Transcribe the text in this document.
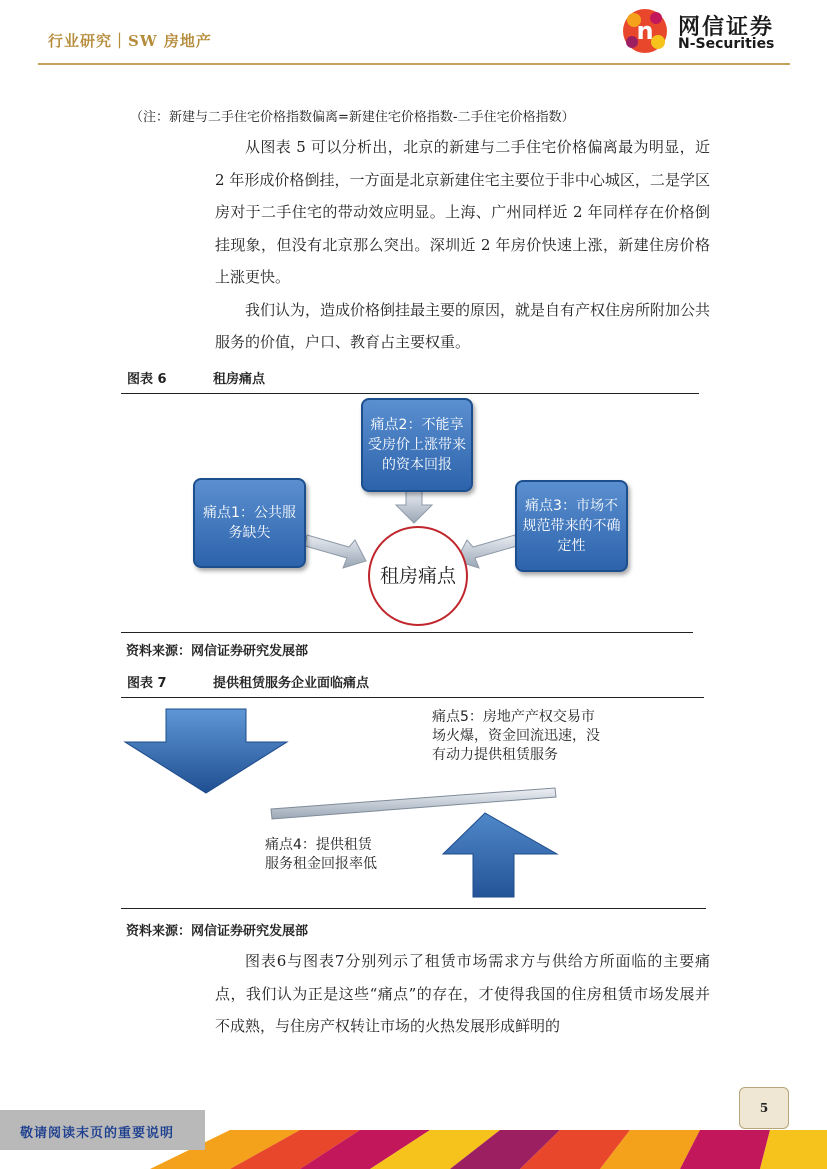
行业研究｜SW 房地产	n 网信证券
N-Securities
（注：新建与二手住宅价格指数偏离=新建住宅价格指数-二手住宅价格指数）

从图表 5 可以分析出，北京的新建与二手住宅价格偏离最为明显，近 2 年形成价格倒挂，一方面是北京新建住宅主要位于非中心城区，二是学区房对于二手住宅的带动效应明显。上海、广州同样近 2 年同样存在价格倒挂现象，但没有北京那么突出。深圳近 2 年房价快速上涨，新建住房价格上涨更快。

我们认为，造成价格倒挂最主要的原因，就是自有产权住房所附加公共服务的价值，户口、教育占主要权重。

图表 6	租房痛点
痛点2：不能享受房价上涨带来的资本回报
痛点1：公共服务缺失
痛点3：市场不规范带来的不确定性
租房痛点
资料来源：网信证券研究发展部
图表 7	提供租赁服务企业面临痛点
痛点5：房地产产权交易市场火爆，资金回流迅速，没有动力提供租赁服务
痛点4：提供租赁服务租金回报率低
资料来源：网信证券研究发展部

图表6与图表7分别列示了租赁市场需求方与供给方所面临的主要痛点，我们认为正是这些“痛点”的存在，才使得我国的住房租赁市场发展并不成熟，与住房产权转让市场的火热发展形成鲜明的

敬请阅读末页的重要说明
5
